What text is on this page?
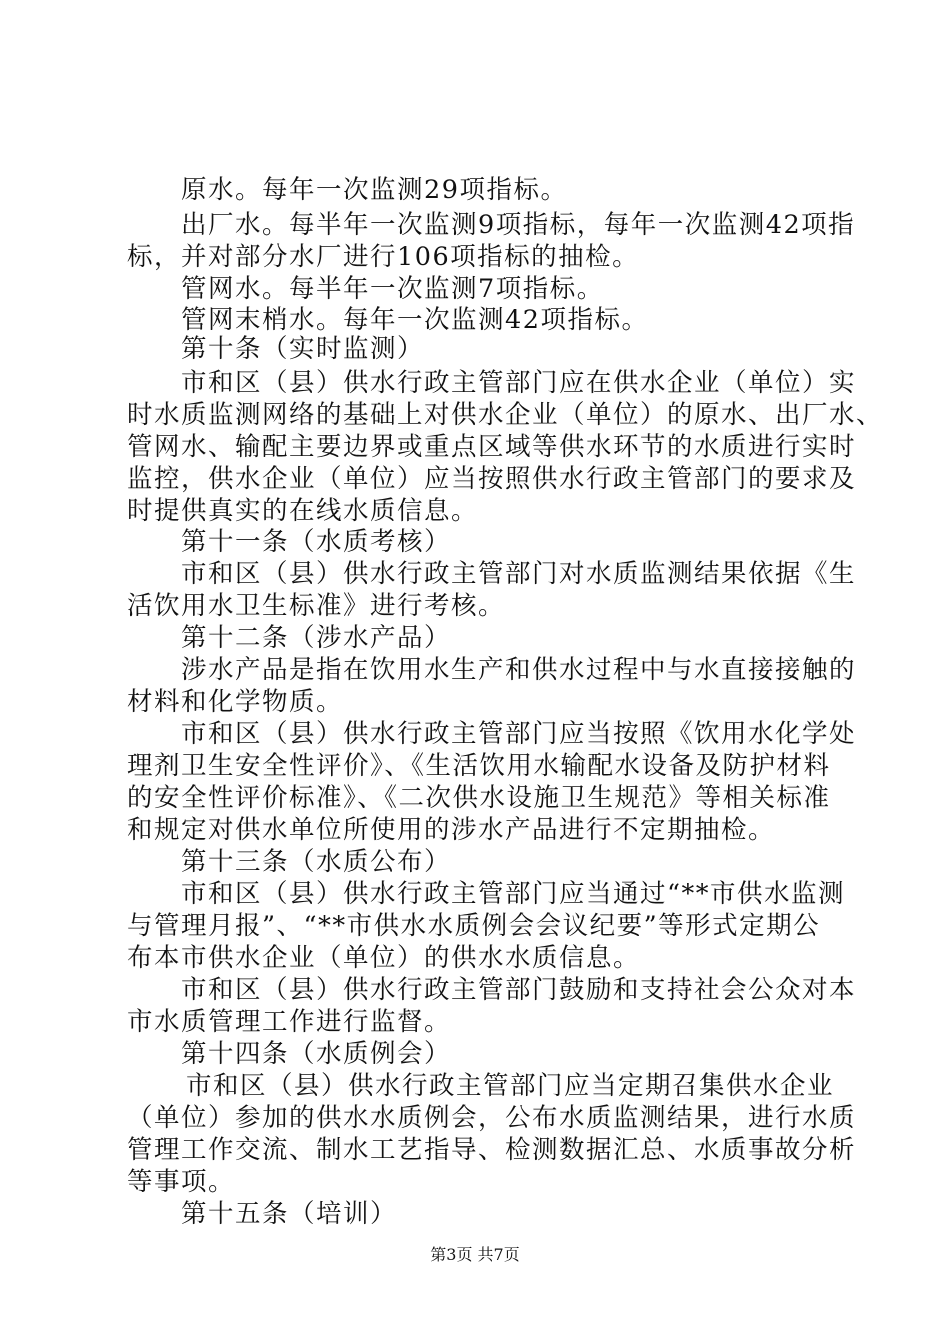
原水。每年一次监测29项指标。
出厂水。每半年一次监测9项指标，每年一次监测42项指
标，并对部分水厂进行106项指标的抽检。
管网水。每半年一次监测7项指标。
管网末梢水。每年一次监测42项指标。
第十条（实时监测）
市和区（县）供水行政主管部门应在供水企业（单位）实
时水质监测网络的基础上对供水企业（单位）的原水、出厂水、
管网水、输配主要边界或重点区域等供水环节的水质进行实时
监控，供水企业（单位）应当按照供水行政主管部门的要求及
时提供真实的在线水质信息。
第十一条（水质考核）
市和区（县）供水行政主管部门对水质监测结果依据《生
活饮用水卫生标准》进行考核。
第十二条（涉水产品）
涉水产品是指在饮用水生产和供水过程中与水直接接触的
材料和化学物质。
市和区（县）供水行政主管部门应当按照《饮用水化学处
理剂卫生安全性评价》、《生活饮用水输配水设备及防护材料
的安全性评价标准》、《二次供水设施卫生规范》等相关标准
和规定对供水单位所使用的涉水产品进行不定期抽检。
第十三条（水质公布）
市和区（县）供水行政主管部门应当通过“**市供水监测
与管理月报”、“**市供水水质例会会议纪要”等形式定期公
布本市供水企业（单位）的供水水质信息。
市和区（县）供水行政主管部门鼓励和支持社会公众对本
市水质管理工作进行监督。
第十四条（水质例会）
市和区（县）供水行政主管部门应当定期召集供水企业
（单位）参加的供水水质例会，公布水质监测结果，进行水质
管理工作交流、制水工艺指导、检测数据汇总、水质事故分析
等事项。
第十五条（培训）
第3页 共7页
